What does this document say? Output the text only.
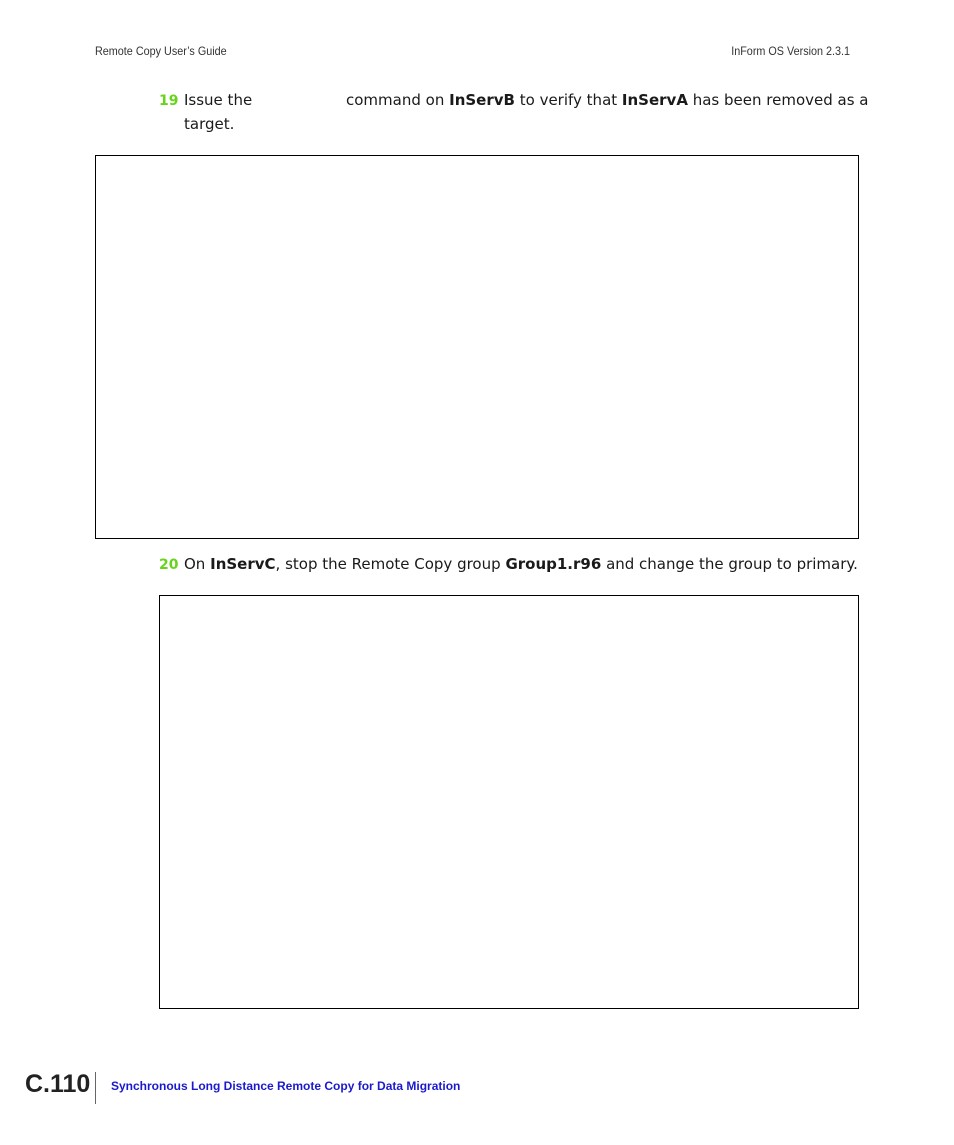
Remote Copy User’s Guide	InForm OS Version 2.3.1
19 Issue the	command on InServB to verify that InServA has been removed as a
target.
20 On InServC, stop the Remote Copy group Group1.r96 and change the group to primary.
C.110 Synchronous Long Distance Remote Copy for Data Migration
